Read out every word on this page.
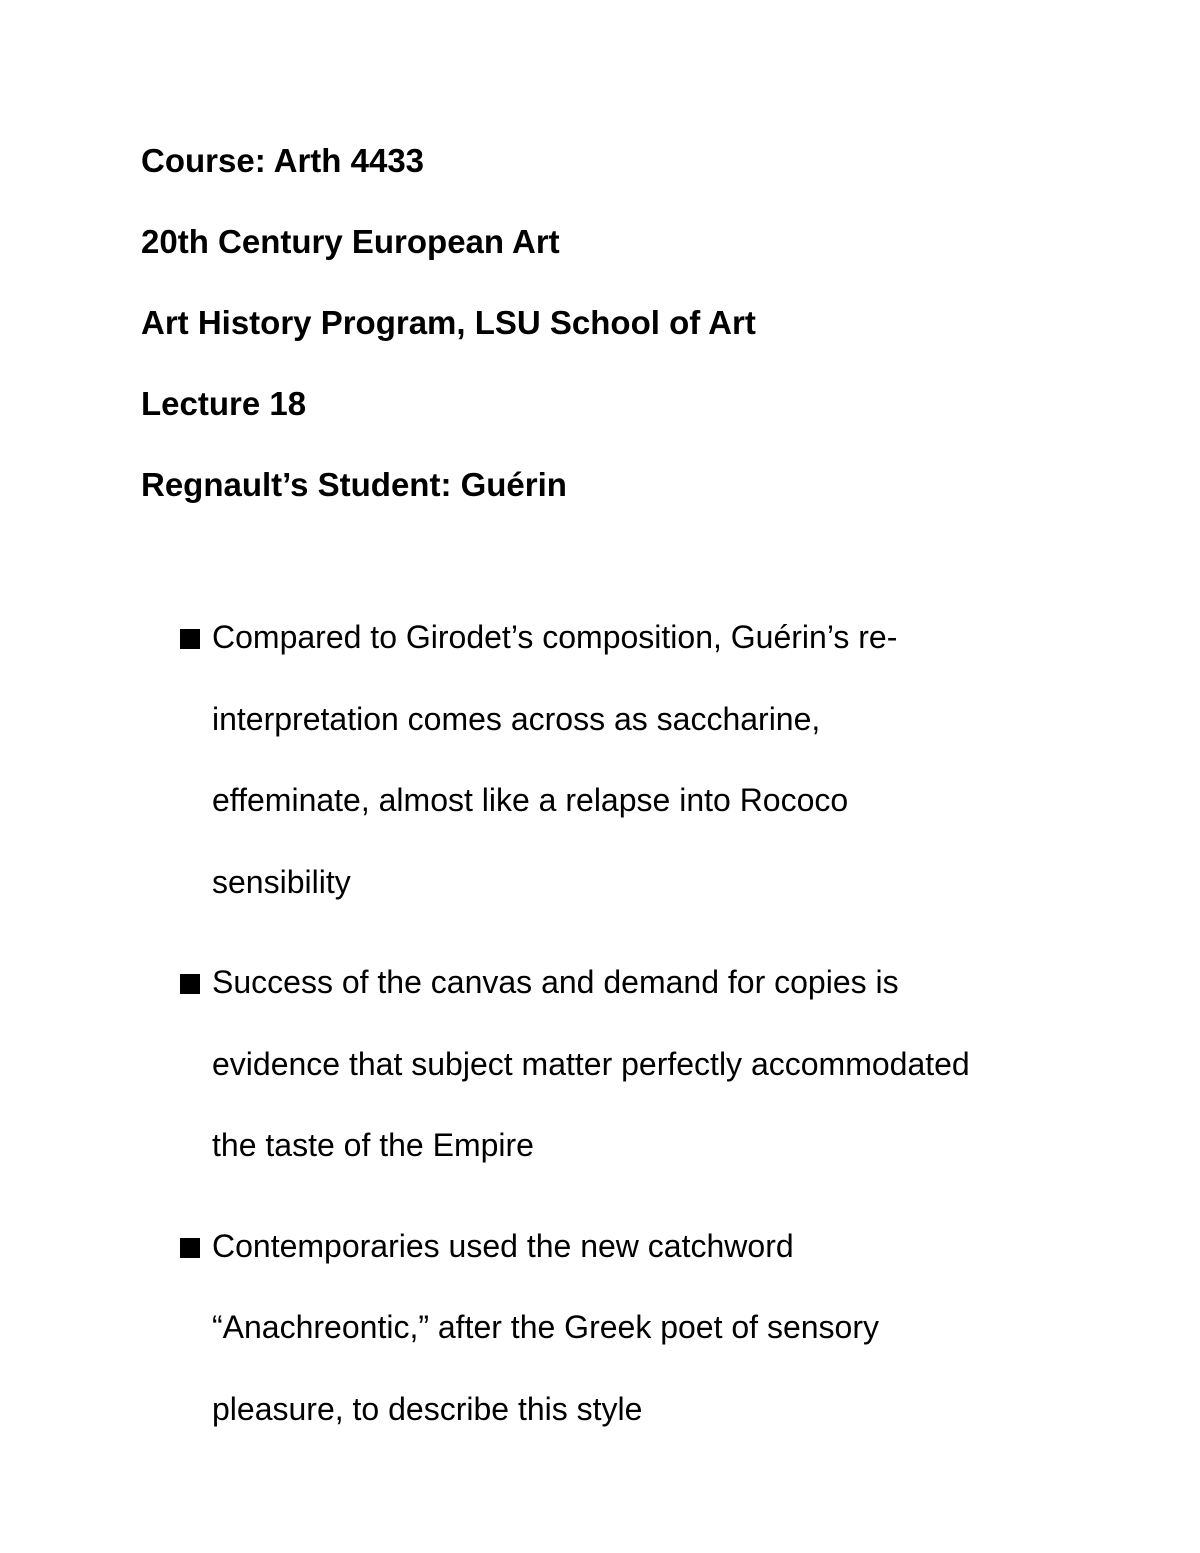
Course: Arth 4433
20th Century European Art
Art History Program, LSU School of Art
Lecture 18
Regnault’s Student: Guérin
Compared to Girodet’s composition, Guérin’s re-
interpretation comes across as saccharine,
effeminate, almost like a relapse into Rococo
sensibility
Success of the canvas and demand for copies is
evidence that subject matter perfectly accommodated
the taste of the Empire
Contemporaries used the new catchword
“Anachreontic,” after the Greek poet of sensory
pleasure, to describe this style
